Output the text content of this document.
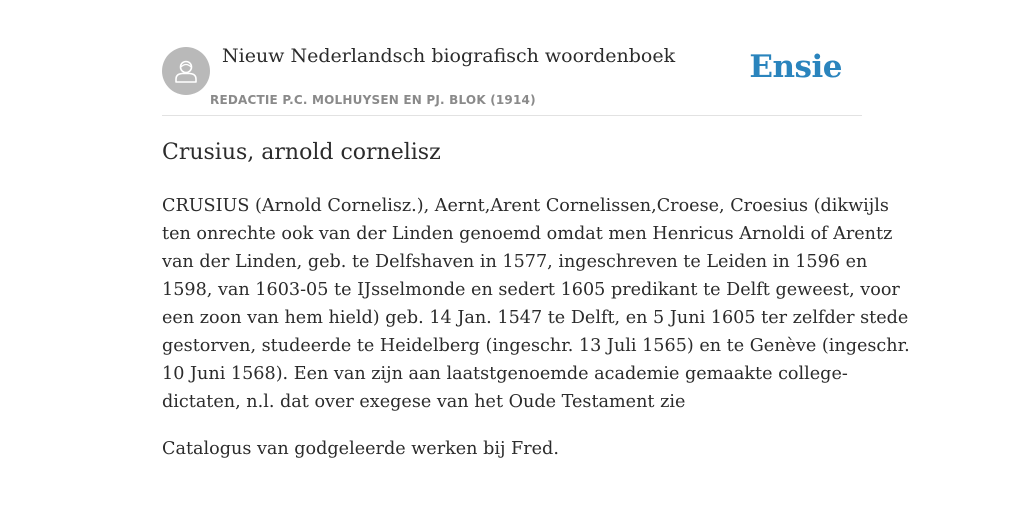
Nieuw Nederlandsch biografisch woordenboek
REDACTIE P.C. MOLHUYSEN EN PJ. BLOK (1914)
Ensie
Crusius, arnold cornelisz

CRUSIUS (Arnold Cornelisz.), Aernt,Arent Cornelissen,Croese, Croesius (dikwijls
ten onrechte ook van der Linden genoemd omdat men Henricus Arnoldi of Arentz
van der Linden, geb. te Delfshaven in 1577, ingeschreven te Leiden in 1596 en
1598, van 1603-05 te IJsselmonde en sedert 1605 predikant te Delft geweest, voor
een zoon van hem hield) geb. 14 Jan. 1547 te Delft, en 5 Juni 1605 ter zelfder stede
gestorven, studeerde te Heidelberg (ingeschr. 13 Juli 1565) en te Genève (ingeschr.
10 Juni 1568). Een van zijn aan laatstgenoemde academie gemaakte college-
dictaten, n.l. dat over exegese van het Oude Testament zie

Catalogus van godgeleerde werken bij Fred.
